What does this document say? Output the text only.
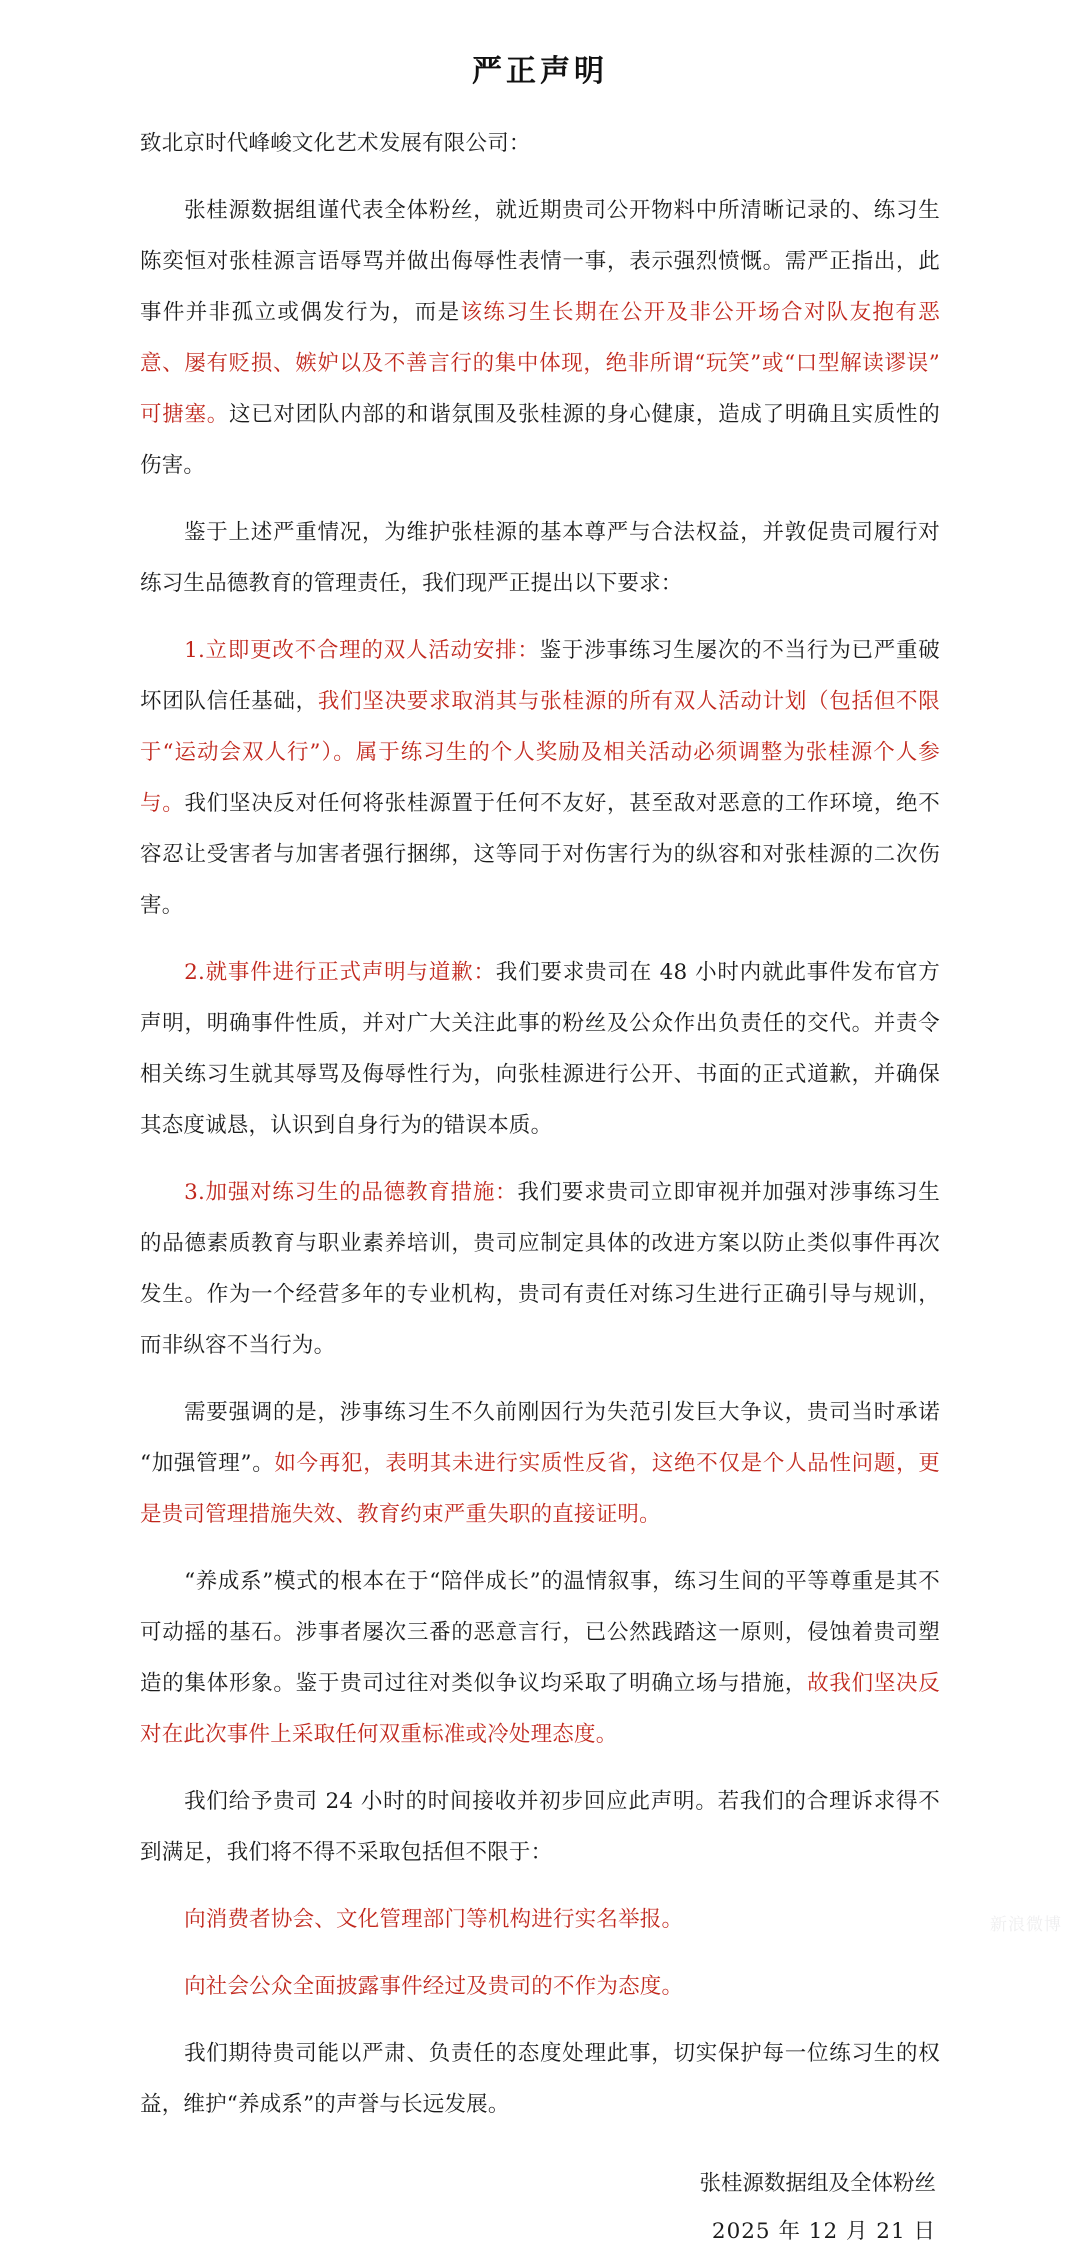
严正声明

致北京时代峰峻文化艺术发展有限公司：

张桂源数据组谨代表全体粉丝，就近期贵司公开物料中所清晰记录的、练习生陈奕恒对张桂源言语辱骂并做出侮辱性表情一事，表示强烈愤慨。需严正指出，此事件并非孤立或偶发行为，而是该练习生长期在公开及非公开场合对队友抱有恶意、屡有贬损、嫉妒以及不善言行的集中体现，绝非所谓“玩笑”或“口型解读谬误”可搪塞。这已对团队内部的和谐氛围及张桂源的身心健康，造成了明确且实质性的伤害。

鉴于上述严重情况，为维护张桂源的基本尊严与合法权益，并敦促贵司履行对练习生品德教育的管理责任，我们现严正提出以下要求：

1.立即更改不合理的双人活动安排：鉴于涉事练习生屡次的不当行为已严重破坏团队信任基础，我们坚决要求取消其与张桂源的所有双人活动计划（包括但不限于“运动会双人行”）。属于练习生的个人奖励及相关活动必须调整为张桂源个人参与。我们坚决反对任何将张桂源置于任何不友好，甚至敌对恶意的工作环境，绝不容忍让受害者与加害者强行捆绑，这等同于对伤害行为的纵容和对张桂源的二次伤害。

2.就事件进行正式声明与道歉：我们要求贵司在 48 小时内就此事件发布官方声明，明确事件性质，并对广大关注此事的粉丝及公众作出负责任的交代。并责令相关练习生就其辱骂及侮辱性行为，向张桂源进行公开、书面的正式道歉，并确保其态度诚恳，认识到自身行为的错误本质。

3.加强对练习生的品德教育措施：我们要求贵司立即审视并加强对涉事练习生的品德素质教育与职业素养培训，贵司应制定具体的改进方案以防止类似事件再次发生。作为一个经营多年的专业机构，贵司有责任对练习生进行正确引导与规训，而非纵容不当行为。

需要强调的是，涉事练习生不久前刚因行为失范引发巨大争议，贵司当时承诺“加强管理”。如今再犯，表明其未进行实质性反省，这绝不仅是个人品性问题，更是贵司管理措施失效、教育约束严重失职的直接证明。

“养成系”模式的根本在于“陪伴成长”的温情叙事，练习生间的平等尊重是其不可动摇的基石。涉事者屡次三番的恶意言行，已公然践踏这一原则，侵蚀着贵司塑造的集体形象。鉴于贵司过往对类似争议均采取了明确立场与措施，故我们坚决反对在此次事件上采取任何双重标准或冷处理态度。

我们给予贵司 24 小时的时间接收并初步回应此声明。若我们的合理诉求得不到满足，我们将不得不采取包括但不限于：

向消费者协会、文化管理部门等机构进行实名举报。

向社会公众全面披露事件经过及贵司的不作为态度。

我们期待贵司能以严肃、负责任的态度处理此事，切实保护每一位练习生的权益，维护“养成系”的声誉与长远发展。

张桂源数据组及全体粉丝
2025 年 12 月 21 日
新浪微博
